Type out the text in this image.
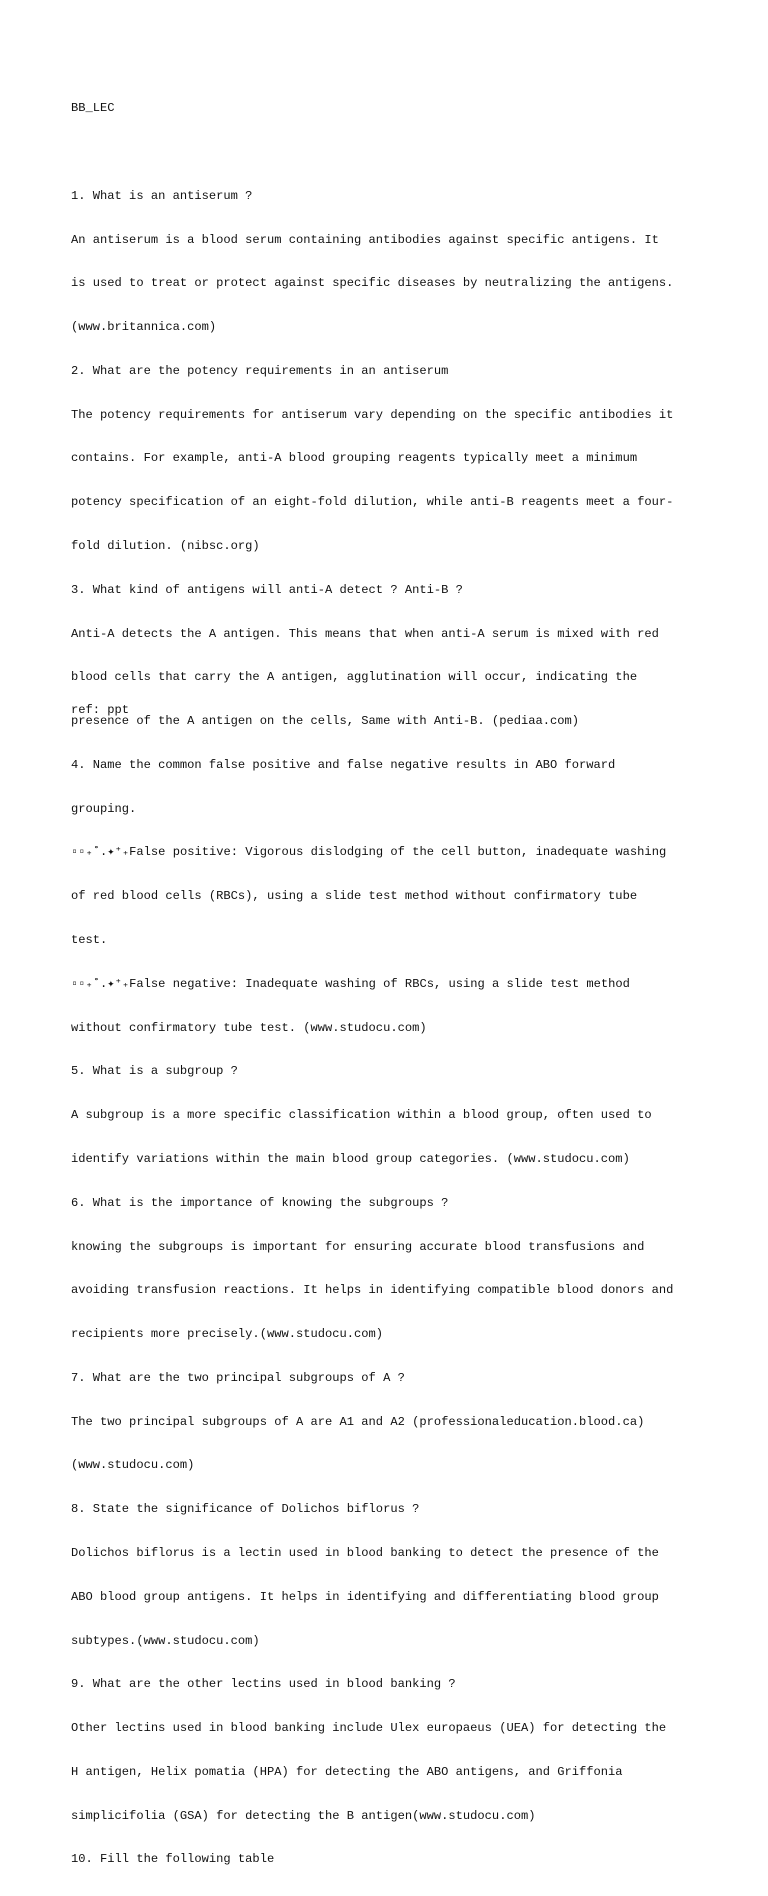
BB_LEC

1. What is an antiserum ?

An antiserum is a blood serum containing antibodies against specific antigens. It

is used to treat or protect against specific diseases by neutralizing the antigens.

(www.britannica.com)

2. What are the potency requirements in an antiserum

The potency requirements for antiserum vary depending on the specific antibodies it

contains. For example, anti-A blood grouping reagents typically meet a minimum

potency specification of an eight-fold dilution, while anti-B reagents meet a four-

fold dilution. (nibsc.org)

3. What kind of antigens will anti-A detect ? Anti-B ?

Anti-A detects the A antigen. This means that when anti-A serum is mixed with red

blood cells that carry the A antigen, agglutination will occur, indicating the

presence of the A antigen on the cells, Same with Anti-B. (pediaa.com)

4. Name the common false positive and false negative results in ABO forward

grouping.

▫▫₊˚.✦⁺₊False positive: Vigorous dislodging of the cell button, inadequate washing

of red blood cells (RBCs), using a slide test method without confirmatory tube

test.

▫▫₊˚.✦⁺₊False negative: Inadequate washing of RBCs, using a slide test method

without confirmatory tube test. (www.studocu.com)

5. What is a subgroup ?

A subgroup is a more specific classification within a blood group, often used to

identify variations within the main blood group categories. (www.studocu.com)

6. What is the importance of knowing the subgroups ?

knowing the subgroups is important for ensuring accurate blood transfusions and

avoiding transfusion reactions. It helps in identifying compatible blood donors and

recipients more precisely.(www.studocu.com)

7. What are the two principal subgroups of A ?

The two principal subgroups of A are A1 and A2 (professionaleducation.blood.ca)

(www.studocu.com)

8. State the significance of Dolichos biflorus ?

Dolichos biflorus is a lectin used in blood banking to detect the presence of the

ABO blood group antigens. It helps in identifying and differentiating blood group

subtypes.(www.studocu.com)

9. What are the other lectins used in blood banking ?

Other lectins used in blood banking include Ulex europaeus (UEA) for detecting the

H antigen, Helix pomatia (HPA) for detecting the ABO antigens, and Griffonia

simplicifolia (GSA) for detecting the B antigen(www.studocu.com)

10. Fill the following table

ref: ppt
